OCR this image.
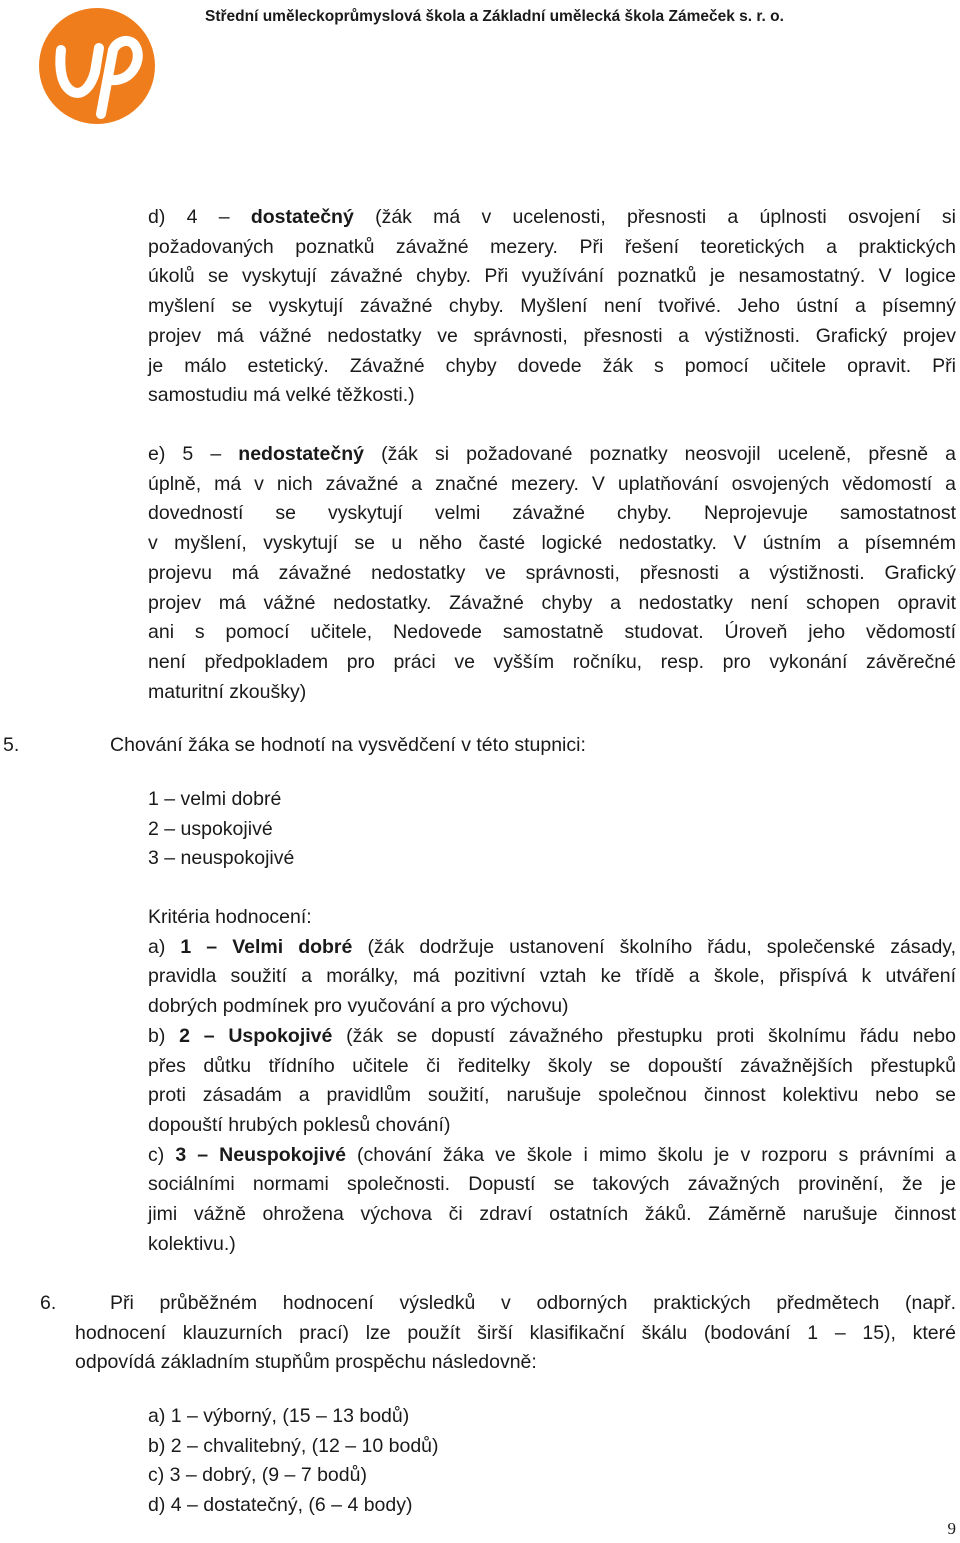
Střední uměleckoprůmyslová škola a Základní umělecká škola Zámeček s. r. o.
d) 4 – dostatečný (žák má v ucelenosti, přesnosti a úplnosti osvojení si
požadovaných poznatků závažné mezery. Při řešení teoretických a praktických
úkolů se vyskytují závažné chyby. Při využívání poznatků je nesamostatný. V logice
myšlení se vyskytují závažné chyby. Myšlení není tvořivé. Jeho ústní a písemný
projev má vážné nedostatky ve správnosti, přesnosti a výstižnosti. Grafický projev
je málo estetický. Závažné chyby dovede žák s pomocí učitele opravit. Při
samostudiu má velké těžkosti.)
e) 5 – nedostatečný (žák si požadované poznatky neosvojil uceleně, přesně a
úplně, má v nich závažné a značné mezery. V uplatňování osvojených vědomostí a
dovedností se vyskytují velmi závažné chyby. Neprojevuje samostatnost
v myšlení, vyskytují se u něho časté logické nedostatky. V ústním a písemném
projevu má závažné nedostatky ve správnosti, přesnosti a výstižnosti. Grafický
projev má vážné nedostatky. Závažné chyby a nedostatky není schopen opravit
ani s pomocí učitele, Nedovede samostatně studovat. Úroveň jeho vědomostí
není předpokladem pro práci ve vyšším ročníku, resp. pro vykonání závěrečné
maturitní zkoušky)
5.	Chování žáka se hodnotí na vysvědčení v této stupnici:
1 – velmi dobré
2 – uspokojivé
3 – neuspokojivé
Kritéria hodnocení:
a) 1 – Velmi dobré (žák dodržuje ustanovení školního řádu, společenské zásady,
pravidla soužití a morálky, má pozitivní vztah ke třídě a škole, přispívá k utváření
dobrých podmínek pro vyučování a pro výchovu)
b) 2 – Uspokojivé (žák se dopustí závažného přestupku proti školnímu řádu nebo
přes důtku třídního učitele či ředitelky školy se dopouští závažnějších přestupků
proti zásadám a pravidlům soužití, narušuje společnou činnost kolektivu nebo se
dopouští hrubých poklesů chování)
c) 3 – Neuspokojivé (chování žáka ve škole i mimo školu je v rozporu s právními a
sociálními normami společnosti. Dopustí se takových závažných provinění, že je
jimi vážně ohrožena výchova či zdraví ostatních žáků. Záměrně narušuje činnost
kolektivu.)
6.	Při průběžném hodnocení výsledků v odborných praktických předmětech (např.
hodnocení klauzurních prací) lze použít širší klasifikační škálu (bodování 1 – 15), které
odpovídá základním stupňům prospěchu následovně:
a) 1 – výborný, (15 – 13 bodů)
b) 2 – chvalitebný, (12 – 10 bodů)
c) 3 – dobrý, (9 – 7 bodů)
d) 4 – dostatečný, (6 – 4 body)
9
